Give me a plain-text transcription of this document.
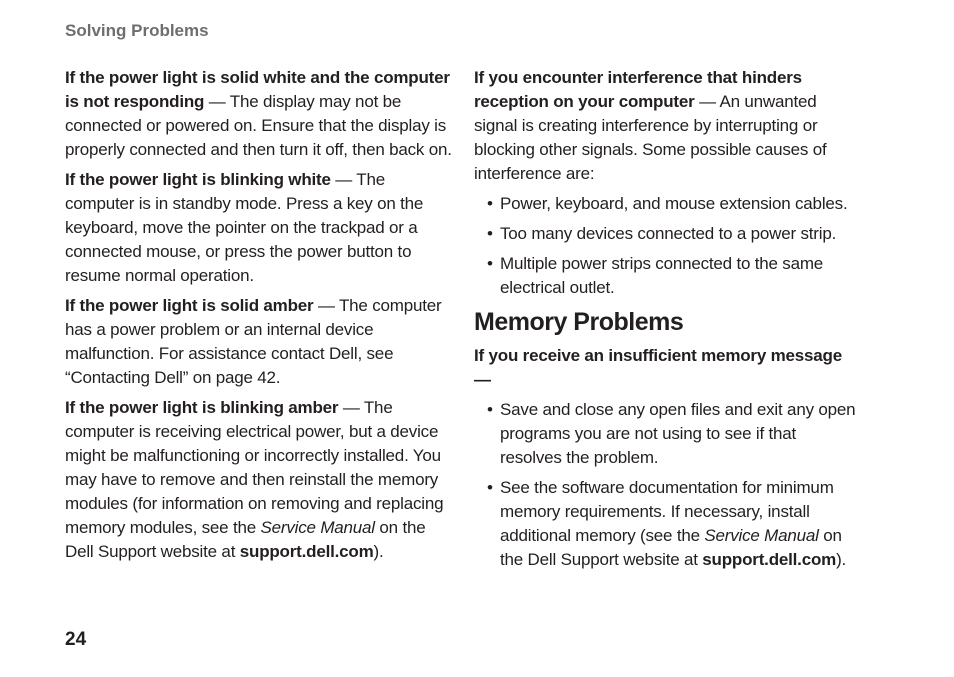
Solving Problems

If the power light is solid white and the computer is not responding — The display may not be connected or powered on. Ensure that the display is properly connected and then turn it off, then back on.

If the power light is blinking white — The computer is in standby mode. Press a key on the keyboard, move the pointer on the trackpad or a connected mouse, or press the power button to resume normal operation.

If the power light is solid amber — The computer has a power problem or an internal device malfunction. For assistance contact Dell, see “Contacting Dell” on page 42.

If the power light is blinking amber — The computer is receiving electrical power, but a device might be malfunctioning or incorrectly installed. You may have to remove and then reinstall the memory modules (for information on removing and replacing memory modules, see the Service Manual on the Dell Support website at support.dell.com).

If you encounter interference that hinders reception on your computer — An unwanted signal is creating interference by interrupting or blocking other signals. Some possible causes of interference are:

• Power, keyboard, and mouse extension cables.
• Too many devices connected to a power strip.
• Multiple power strips connected to the same electrical outlet.
Memory Problems

If you receive an insufficient memory message —

• Save and close any open files and exit any open programs you are not using to see if that resolves the problem.
• See the software documentation for minimum memory requirements. If necessary, install additional memory (see the Service Manual on the Dell Support website at support.dell.com).
24
